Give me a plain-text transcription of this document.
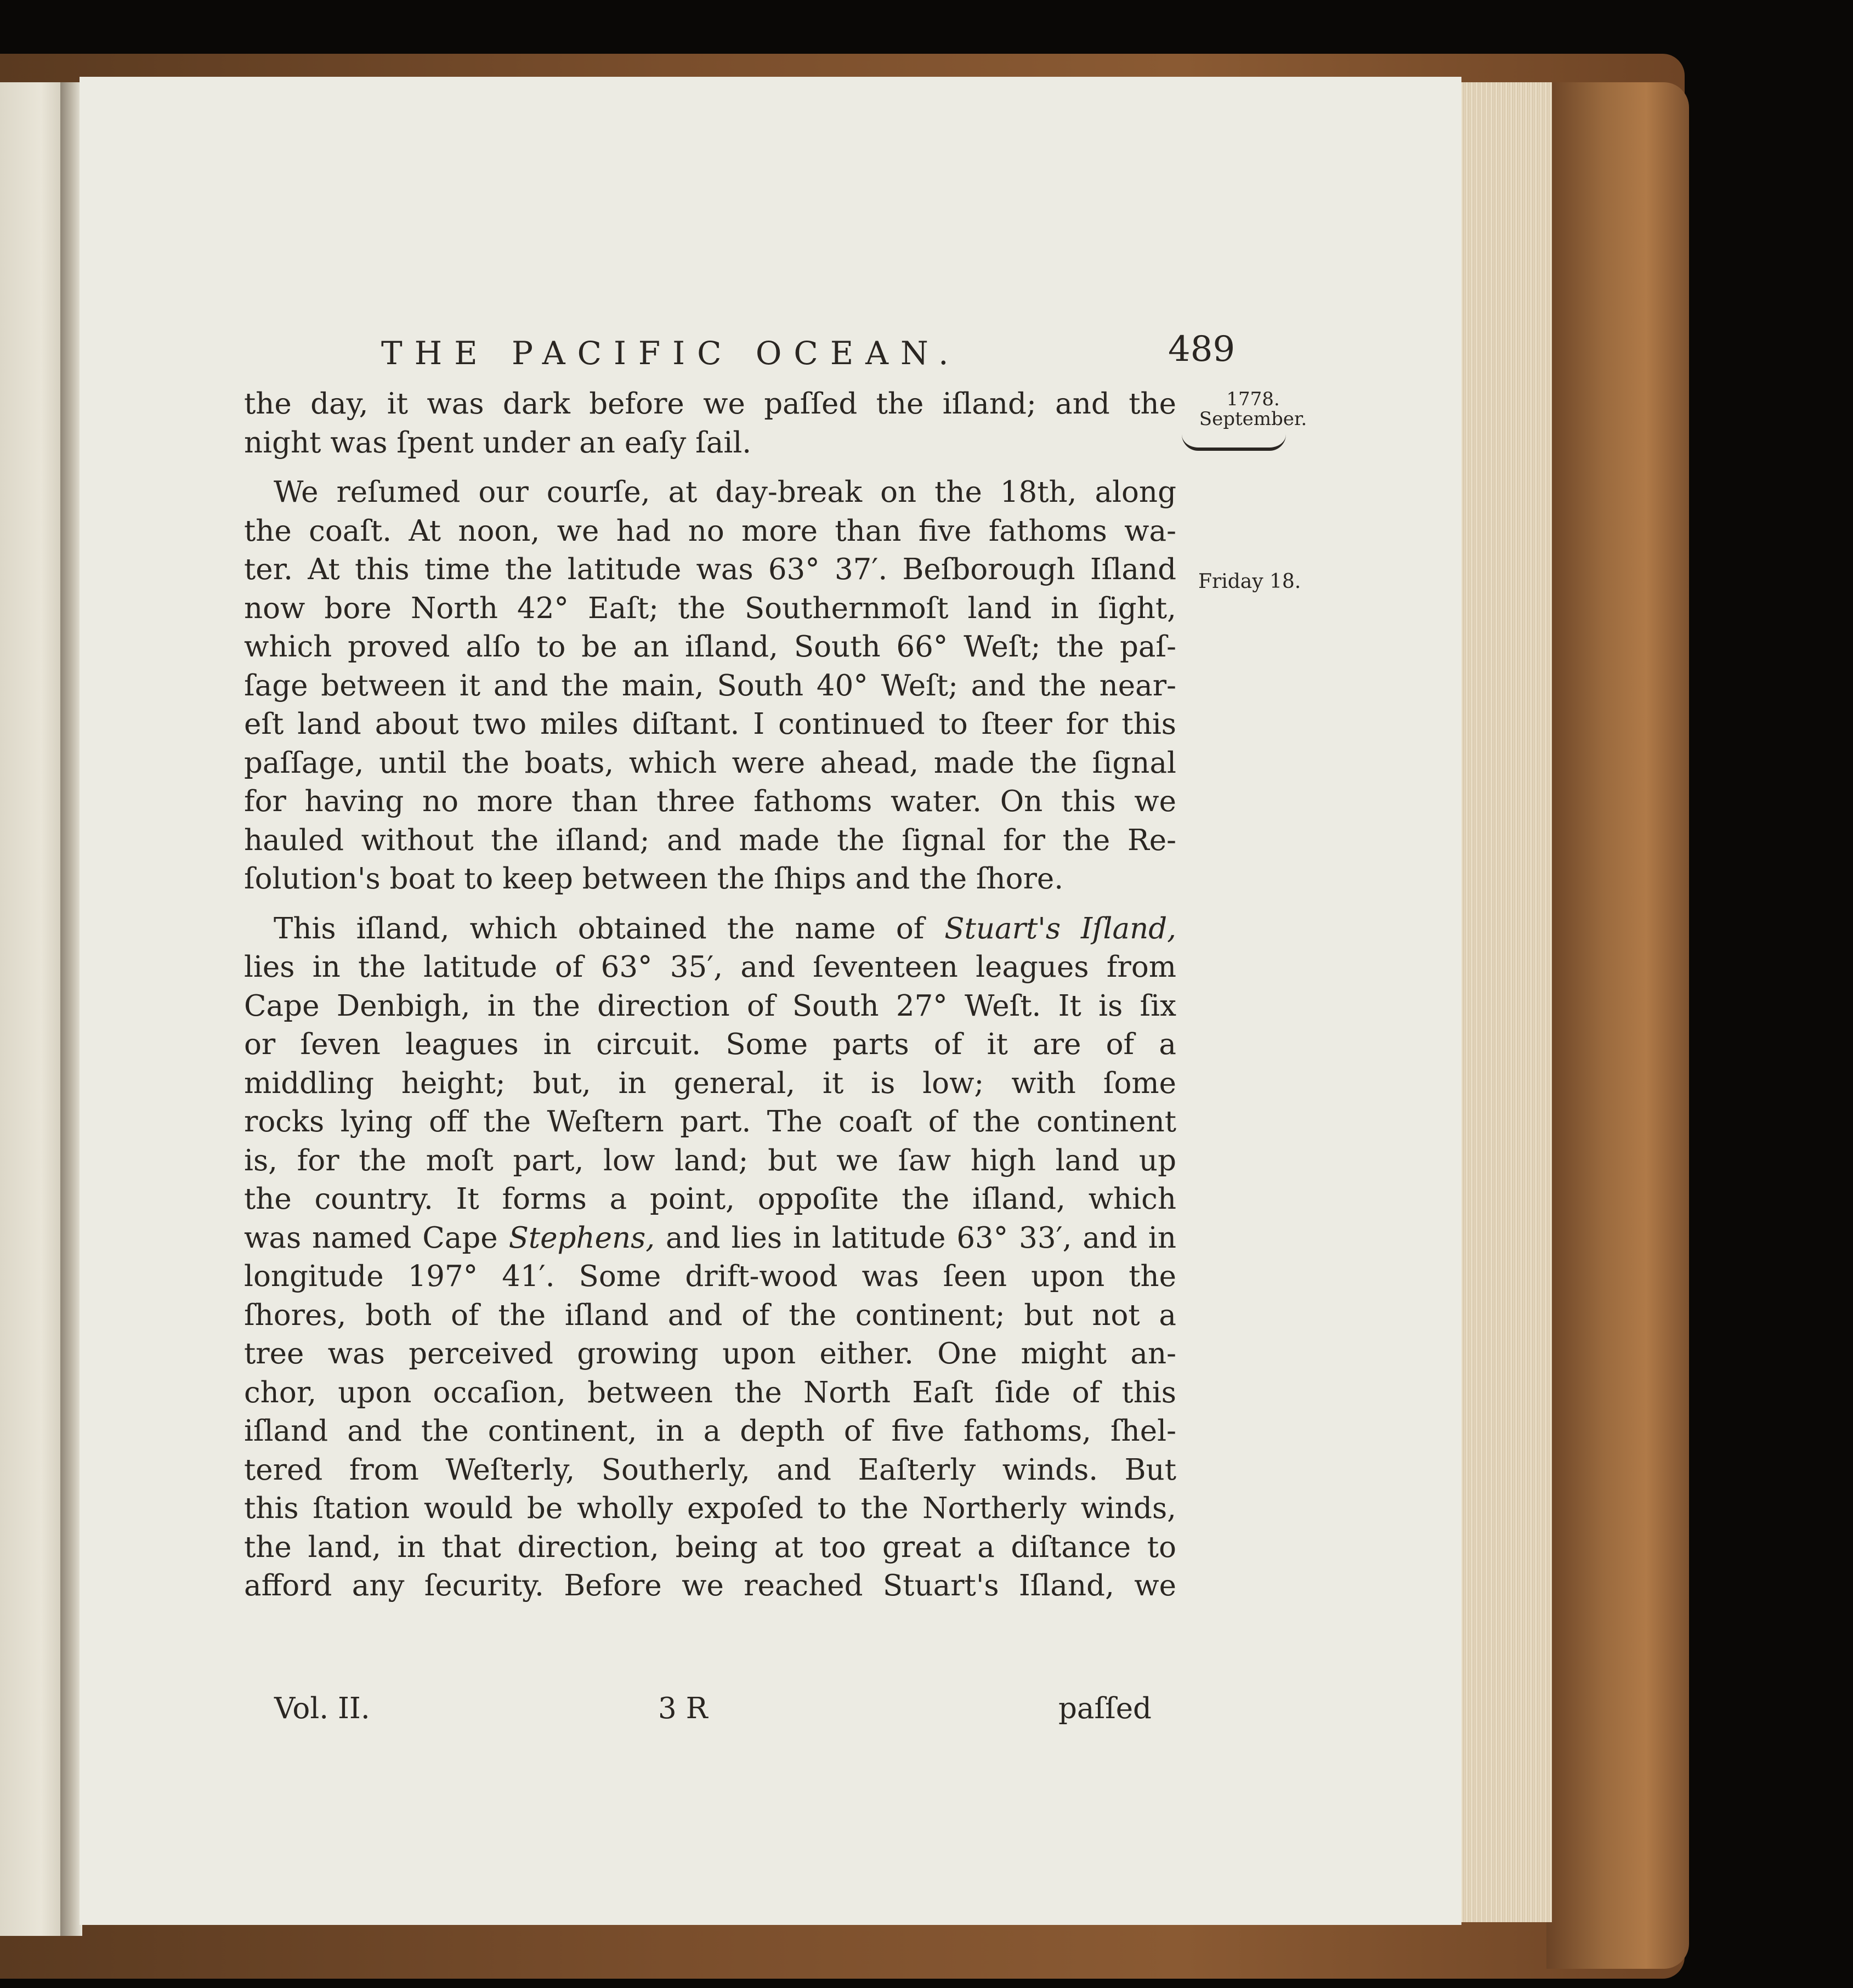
THE PACIFIC OCEAN.	489
1778.
September.
Friday 18.
the day, it was dark before we paſſed the iſland; and the
night was ſpent under an eaſy ſail.
We reſumed our courſe, at day-break on the 18th, along
the coaſt. At noon, we had no more than five fathoms wa-
ter. At this time the latitude was 63° 37′. Beſborough Iſland
now bore North 42° Eaſt; the Southernmoſt land in ſight,
which proved alſo to be an iſland, South 66° Weſt; the paſ-
ſage between it and the main, South 40° Weſt; and the near-
eſt land about two miles diſtant. I continued to ſteer for this
paſſage, until the boats, which were ahead, made the ſignal
for having no more than three fathoms water. On this we
hauled without the iſland; and made the ſignal for the Re-
ſolution's boat to keep between the ſhips and the ſhore.
This iſland, which obtained the name of Stuart's Iſland,
lies in the latitude of 63° 35′, and ſeventeen leagues from
Cape Denbigh, in the direction of South 27° Weſt. It is ſix
or ſeven leagues in circuit. Some parts of it are of a
middling height; but, in general, it is low; with ſome
rocks lying off the Weſtern part. The coaſt of the continent
is, for the moſt part, low land; but we ſaw high land up
the country. It forms a point, oppoſite the iſland, which
was named Cape Stephens, and lies in latitude 63° 33′, and in
longitude 197° 41′. Some drift-wood was ſeen upon the
ſhores, both of the iſland and of the continent; but not a
tree was perceived growing upon either. One might an-
chor, upon occaſion, between the North Eaſt ſide of this
iſland and the continent, in a depth of five fathoms, ſhel-
tered from Weſterly, Southerly, and Eaſterly winds. But
this ſtation would be wholly expoſed to the Northerly winds,
the land, in that direction, being at too great a diſtance to
afford any ſecurity. Before we reached Stuart's Iſland, we
Vol. II.	3 R	paſſed
